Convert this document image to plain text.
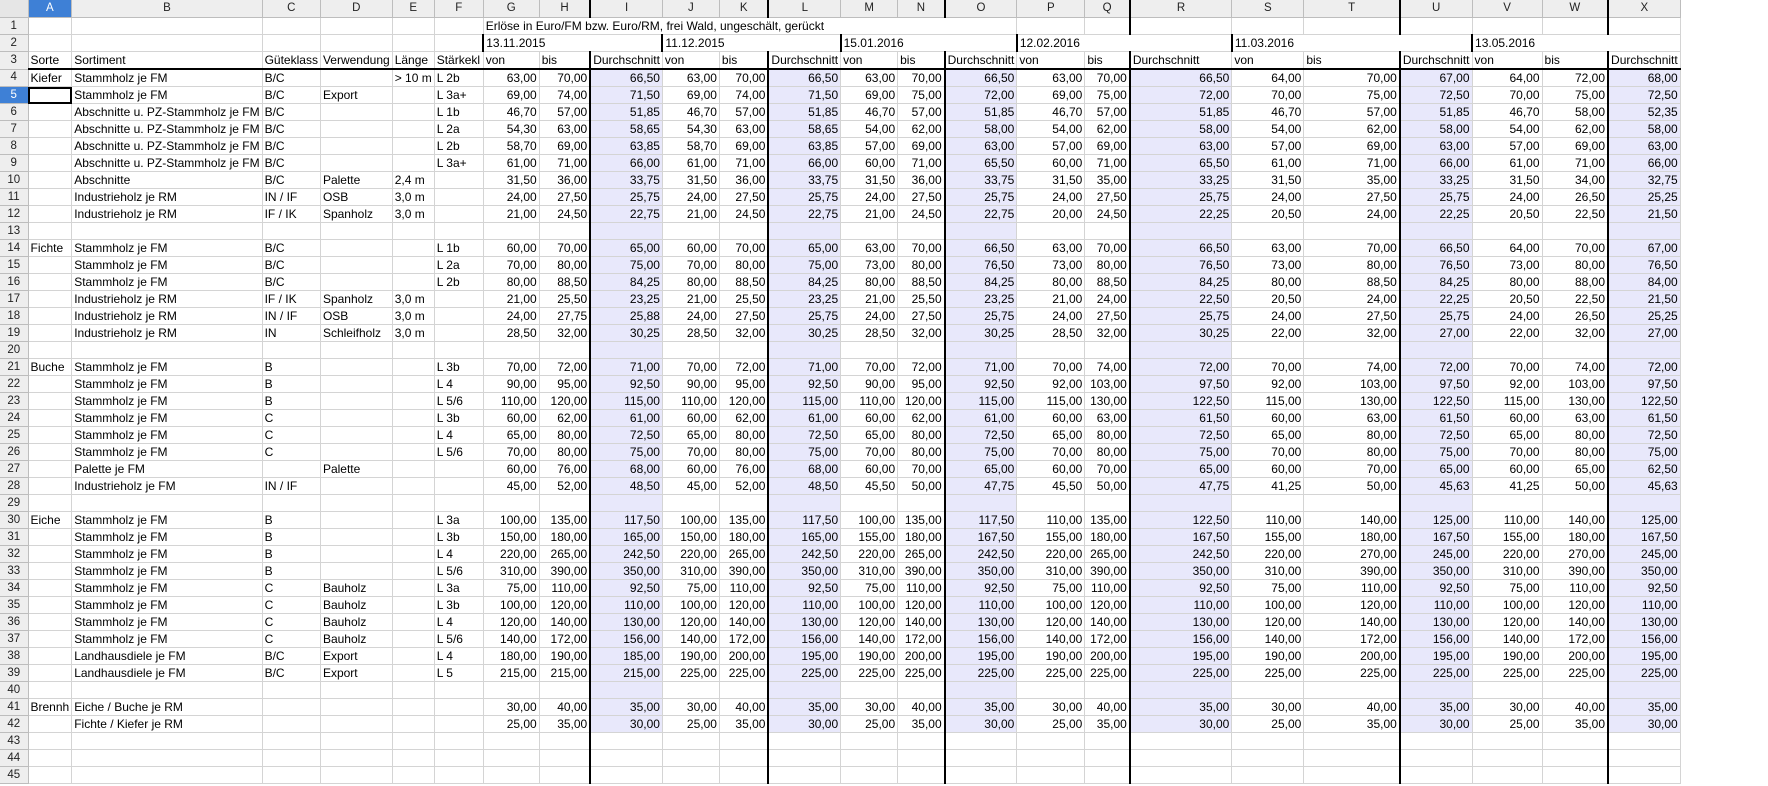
	A	B	C	D	E	F	G	H	I	J	K	L	M	N	O	P	Q	R	S	T	U	V	W	X
1							Erlöse in Euro/FM bzw. Euro/RM, frei Wald, ungeschält, gerückt																	
2							13.11.2015			11.12.2015			15.01.2016			12.02.2016			11.03.2016			13.05.2016		
3	Sorte	Sortiment	Güteklass	Verwendung	Länge	Stärkekl	von	bis	Durchschnitt	von	bis	Durchschnitt	von	bis	Durchschnitt	von	bis	Durchschnitt	von	bis	Durchschnitt	von	bis	Durchschnitt
4	Kiefer	Stammholz je FM	B/C		> 10 m	L 2b	63,00	70,00	66,50	63,00	70,00	66,50	63,00	70,00	66,50	63,00	70,00	66,50	64,00	70,00	67,00	64,00	72,00	68,00
5		Stammholz je FM	B/C	Export		L 3a+	69,00	74,00	71,50	69,00	74,00	71,50	69,00	75,00	72,00	69,00	75,00	72,00	70,00	75,00	72,50	70,00	75,00	72,50
6		Abschnitte u. PZ-Stammholz je FM	B/C			L 1b	46,70	57,00	51,85	46,70	57,00	51,85	46,70	57,00	51,85	46,70	57,00	51,85	46,70	57,00	51,85	46,70	58,00	52,35
7		Abschnitte u. PZ-Stammholz je FM	B/C			L 2a	54,30	63,00	58,65	54,30	63,00	58,65	54,00	62,00	58,00	54,00	62,00	58,00	54,00	62,00	58,00	54,00	62,00	58,00
8		Abschnitte u. PZ-Stammholz je FM	B/C			L 2b	58,70	69,00	63,85	58,70	69,00	63,85	57,00	69,00	63,00	57,00	69,00	63,00	57,00	69,00	63,00	57,00	69,00	63,00
9		Abschnitte u. PZ-Stammholz je FM	B/C			L 3a+	61,00	71,00	66,00	61,00	71,00	66,00	60,00	71,00	65,50	60,00	71,00	65,50	61,00	71,00	66,00	61,00	71,00	66,00
10		Abschnitte	B/C	Palette	2,4 m		31,50	36,00	33,75	31,50	36,00	33,75	31,50	36,00	33,75	31,50	35,00	33,25	31,50	35,00	33,25	31,50	34,00	32,75
11		Industrieholz je RM	IN / IF	OSB	3,0 m		24,00	27,50	25,75	24,00	27,50	25,75	24,00	27,50	25,75	24,00	27,50	25,75	24,00	27,50	25,75	24,00	26,50	25,25
12		Industrieholz je RM	IF / IK	Spanholz	3,0 m		21,00	24,50	22,75	21,00	24,50	22,75	21,00	24,50	22,75	20,00	24,50	22,25	20,50	24,00	22,25	20,50	22,50	21,50
13																								
14	Fichte	Stammholz je FM	B/C			L 1b	60,00	70,00	65,00	60,00	70,00	65,00	63,00	70,00	66,50	63,00	70,00	66,50	63,00	70,00	66,50	64,00	70,00	67,00
15		Stammholz je FM	B/C			L 2a	70,00	80,00	75,00	70,00	80,00	75,00	73,00	80,00	76,50	73,00	80,00	76,50	73,00	80,00	76,50	73,00	80,00	76,50
16		Stammholz je FM	B/C			L 2b	80,00	88,50	84,25	80,00	88,50	84,25	80,00	88,50	84,25	80,00	88,50	84,25	80,00	88,50	84,25	80,00	88,00	84,00
17		Industrieholz je RM	IF / IK	Spanholz	3,0 m		21,00	25,50	23,25	21,00	25,50	23,25	21,00	25,50	23,25	21,00	24,00	22,50	20,50	24,00	22,25	20,50	22,50	21,50
18		Industrieholz je RM	IN / IF	OSB	3,0 m		24,00	27,75	25,88	24,00	27,50	25,75	24,00	27,50	25,75	24,00	27,50	25,75	24,00	27,50	25,75	24,00	26,50	25,25
19		Industrieholz je RM	IN	Schleifholz	3,0 m		28,50	32,00	30,25	28,50	32,00	30,25	28,50	32,00	30,25	28,50	32,00	30,25	22,00	32,00	27,00	22,00	32,00	27,00
20																								
21	Buche	Stammholz je FM	B			L 3b	70,00	72,00	71,00	70,00	72,00	71,00	70,00	72,00	71,00	70,00	74,00	72,00	70,00	74,00	72,00	70,00	74,00	72,00
22		Stammholz je FM	B			L 4	90,00	95,00	92,50	90,00	95,00	92,50	90,00	95,00	92,50	92,00	103,00	97,50	92,00	103,00	97,50	92,00	103,00	97,50
23		Stammholz je FM	B			L 5/6	110,00	120,00	115,00	110,00	120,00	115,00	110,00	120,00	115,00	115,00	130,00	122,50	115,00	130,00	122,50	115,00	130,00	122,50
24		Stammholz je FM	C			L 3b	60,00	62,00	61,00	60,00	62,00	61,00	60,00	62,00	61,00	60,00	63,00	61,50	60,00	63,00	61,50	60,00	63,00	61,50
25		Stammholz je FM	C			L 4	65,00	80,00	72,50	65,00	80,00	72,50	65,00	80,00	72,50	65,00	80,00	72,50	65,00	80,00	72,50	65,00	80,00	72,50
26		Stammholz je FM	C			L 5/6	70,00	80,00	75,00	70,00	80,00	75,00	70,00	80,00	75,00	70,00	80,00	75,00	70,00	80,00	75,00	70,00	80,00	75,00
27		Palette je FM		Palette			60,00	76,00	68,00	60,00	76,00	68,00	60,00	70,00	65,00	60,00	70,00	65,00	60,00	70,00	65,00	60,00	65,00	62,50
28		Industrieholz je FM	IN / IF				45,00	52,00	48,50	45,00	52,00	48,50	45,50	50,00	47,75	45,50	50,00	47,75	41,25	50,00	45,63	41,25	50,00	45,63
29																								
30	Eiche	Stammholz je FM	B			L 3a	100,00	135,00	117,50	100,00	135,00	117,50	100,00	135,00	117,50	110,00	135,00	122,50	110,00	140,00	125,00	110,00	140,00	125,00
31		Stammholz je FM	B			L 3b	150,00	180,00	165,00	150,00	180,00	165,00	155,00	180,00	167,50	155,00	180,00	167,50	155,00	180,00	167,50	155,00	180,00	167,50
32		Stammholz je FM	B			L 4	220,00	265,00	242,50	220,00	265,00	242,50	220,00	265,00	242,50	220,00	265,00	242,50	220,00	270,00	245,00	220,00	270,00	245,00
33		Stammholz je FM	B			L 5/6	310,00	390,00	350,00	310,00	390,00	350,00	310,00	390,00	350,00	310,00	390,00	350,00	310,00	390,00	350,00	310,00	390,00	350,00
34		Stammholz je FM	C	Bauholz		L 3a	75,00	110,00	92,50	75,00	110,00	92,50	75,00	110,00	92,50	75,00	110,00	92,50	75,00	110,00	92,50	75,00	110,00	92,50
35		Stammholz je FM	C	Bauholz		L 3b	100,00	120,00	110,00	100,00	120,00	110,00	100,00	120,00	110,00	100,00	120,00	110,00	100,00	120,00	110,00	100,00	120,00	110,00
36		Stammholz je FM	C	Bauholz		L 4	120,00	140,00	130,00	120,00	140,00	130,00	120,00	140,00	130,00	120,00	140,00	130,00	120,00	140,00	130,00	120,00	140,00	130,00
37		Stammholz je FM	C	Bauholz		L 5/6	140,00	172,00	156,00	140,00	172,00	156,00	140,00	172,00	156,00	140,00	172,00	156,00	140,00	172,00	156,00	140,00	172,00	156,00
38		Landhausdiele je FM	B/C	Export		L 4	180,00	190,00	185,00	190,00	200,00	195,00	190,00	200,00	195,00	190,00	200,00	195,00	190,00	200,00	195,00	190,00	200,00	195,00
39		Landhausdiele je FM	B/C	Export		L 5	215,00	215,00	215,00	225,00	225,00	225,00	225,00	225,00	225,00	225,00	225,00	225,00	225,00	225,00	225,00	225,00	225,00	225,00
40																								
41	Brennh	Eiche / Buche je RM					30,00	40,00	35,00	30,00	40,00	35,00	30,00	40,00	35,00	30,00	40,00	35,00	30,00	40,00	35,00	30,00	40,00	35,00
42		Fichte / Kiefer je RM					25,00	35,00	30,00	25,00	35,00	30,00	25,00	35,00	30,00	25,00	35,00	30,00	25,00	35,00	30,00	25,00	35,00	30,00
43																								
44																								
45																								
